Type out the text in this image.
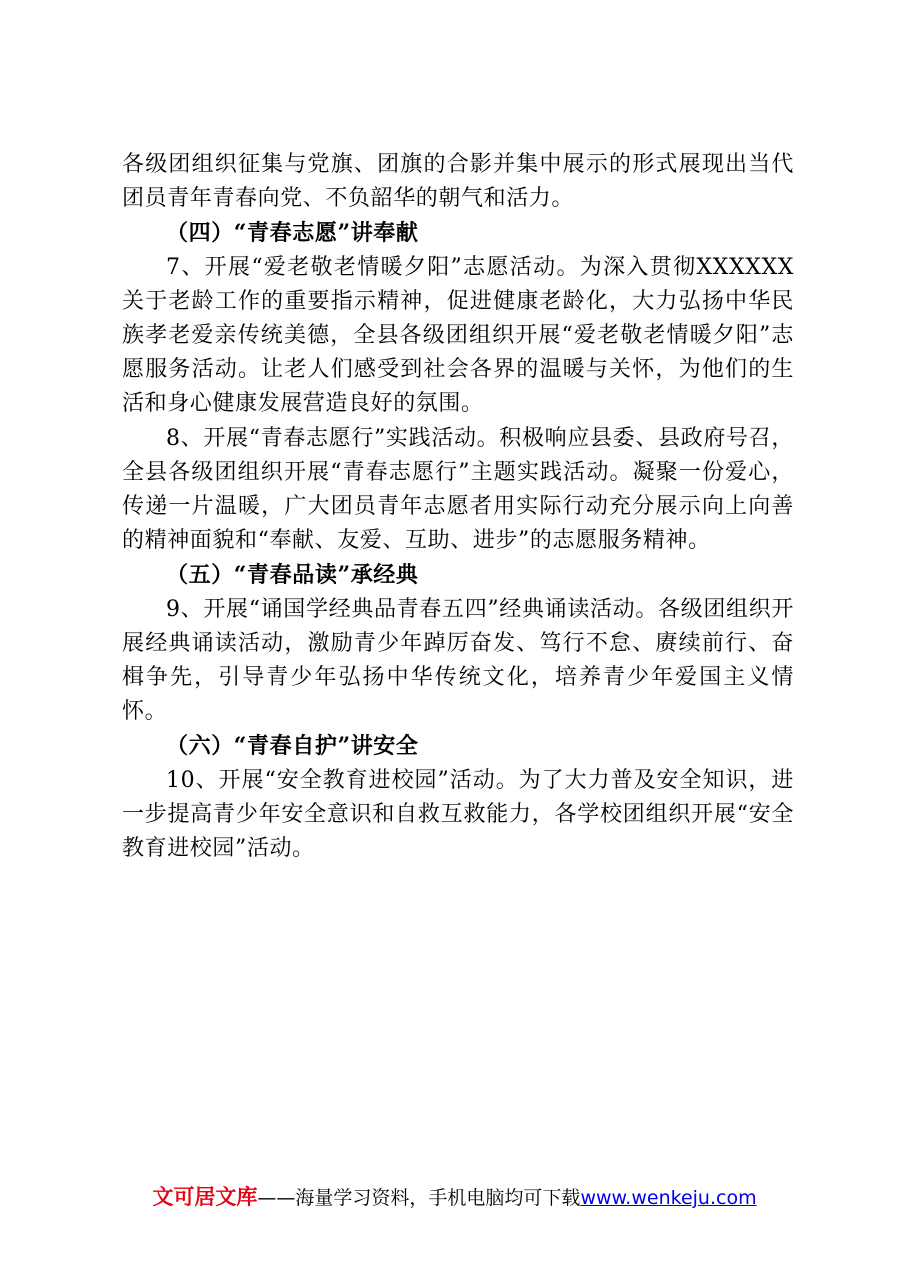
各级团组织征集与党旗、团旗的合影并集中展示的形式展现出当代团员青年青春向党、不负韶华的朝气和活力。

（四）“青春志愿”讲奉献

7、开展“爱老敬老情暖夕阳”志愿活动。为深入贯彻XXXXXX关于老龄工作的重要指示精神，促进健康老龄化，大力弘扬中华民族孝老爱亲传统美德，全县各级团组织开展“爱老敬老情暖夕阳”志愿服务活动。让老人们感受到社会各界的温暖与关怀，为他们的生活和身心健康发展营造良好的氛围。

8、开展“青春志愿行”实践活动。积极响应县委、县政府号召，全县各级团组织开展“青春志愿行”主题实践活动。凝聚一份爱心，传递一片温暖，广大团员青年志愿者用实际行动充分展示向上向善的精神面貌和“奉献、友爱、互助、进步”的志愿服务精神。

（五）“青春品读”承经典

9、开展“诵国学经典品青春五四”经典诵读活动。各级团组织开展经典诵读活动，激励青少年踔厉奋发、笃行不怠、赓续前行、奋楫争先，引导青少年弘扬中华传统文化，培养青少年爱国主义情怀。

（六）“青春自护”讲安全

10、开展“安全教育进校园”活动。为了大力普及安全知识，进一步提高青少年安全意识和自救互救能力，各学校团组织开展“安全教育进校园”活动。

文可居文库——海量学习资料，手机电脑均可下载www.wenkeju.com
